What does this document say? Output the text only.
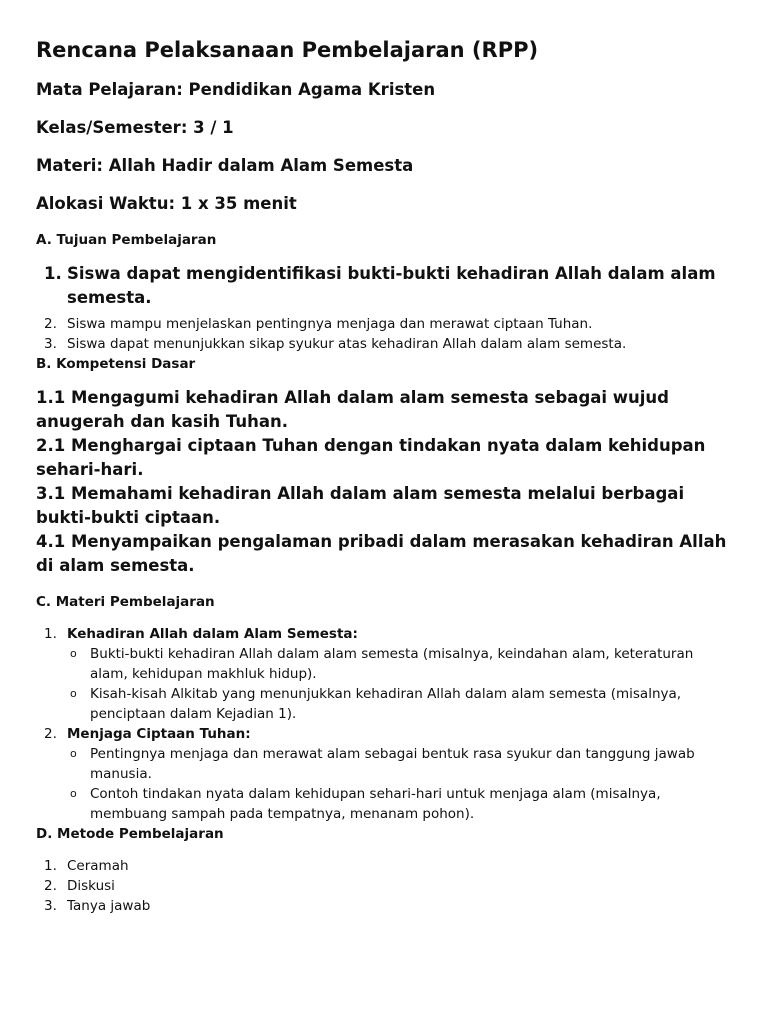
Rencana Pelaksanaan Pembelajaran (RPP)
Mata Pelajaran: Pendidikan Agama Kristen
Kelas/Semester: 3 / 1
Materi: Allah Hadir dalam Alam Semesta
Alokasi Waktu: 1 x 35 menit
A. Tujuan Pembelajaran
1. Siswa dapat mengidentifikasi bukti-bukti kehadiran Allah dalam alam semesta.
2. Siswa mampu menjelaskan pentingnya menjaga dan merawat ciptaan Tuhan.
3. Siswa dapat menunjukkan sikap syukur atas kehadiran Allah dalam alam semesta.
B. Kompetensi Dasar
1.1 Mengagumi kehadiran Allah dalam alam semesta sebagai wujud anugerah dan kasih Tuhan.
2.1 Menghargai ciptaan Tuhan dengan tindakan nyata dalam kehidupan sehari-hari.
3.1 Memahami kehadiran Allah dalam alam semesta melalui berbagai bukti-bukti ciptaan.
4.1 Menyampaikan pengalaman pribadi dalam merasakan kehadiran Allah di alam semesta.
C. Materi Pembelajaran
1. Kehadiran Allah dalam Alam Semesta:
o Bukti-bukti kehadiran Allah dalam alam semesta (misalnya, keindahan alam, keteraturan alam, kehidupan makhluk hidup).
o Kisah-kisah Alkitab yang menunjukkan kehadiran Allah dalam alam semesta (misalnya, penciptaan dalam Kejadian 1).
2. Menjaga Ciptaan Tuhan:
o Pentingnya menjaga dan merawat alam sebagai bentuk rasa syukur dan tanggung jawab manusia.
o Contoh tindakan nyata dalam kehidupan sehari-hari untuk menjaga alam (misalnya, membuang sampah pada tempatnya, menanam pohon).
D. Metode Pembelajaran
1. Ceramah
2. Diskusi
3. Tanya jawab
